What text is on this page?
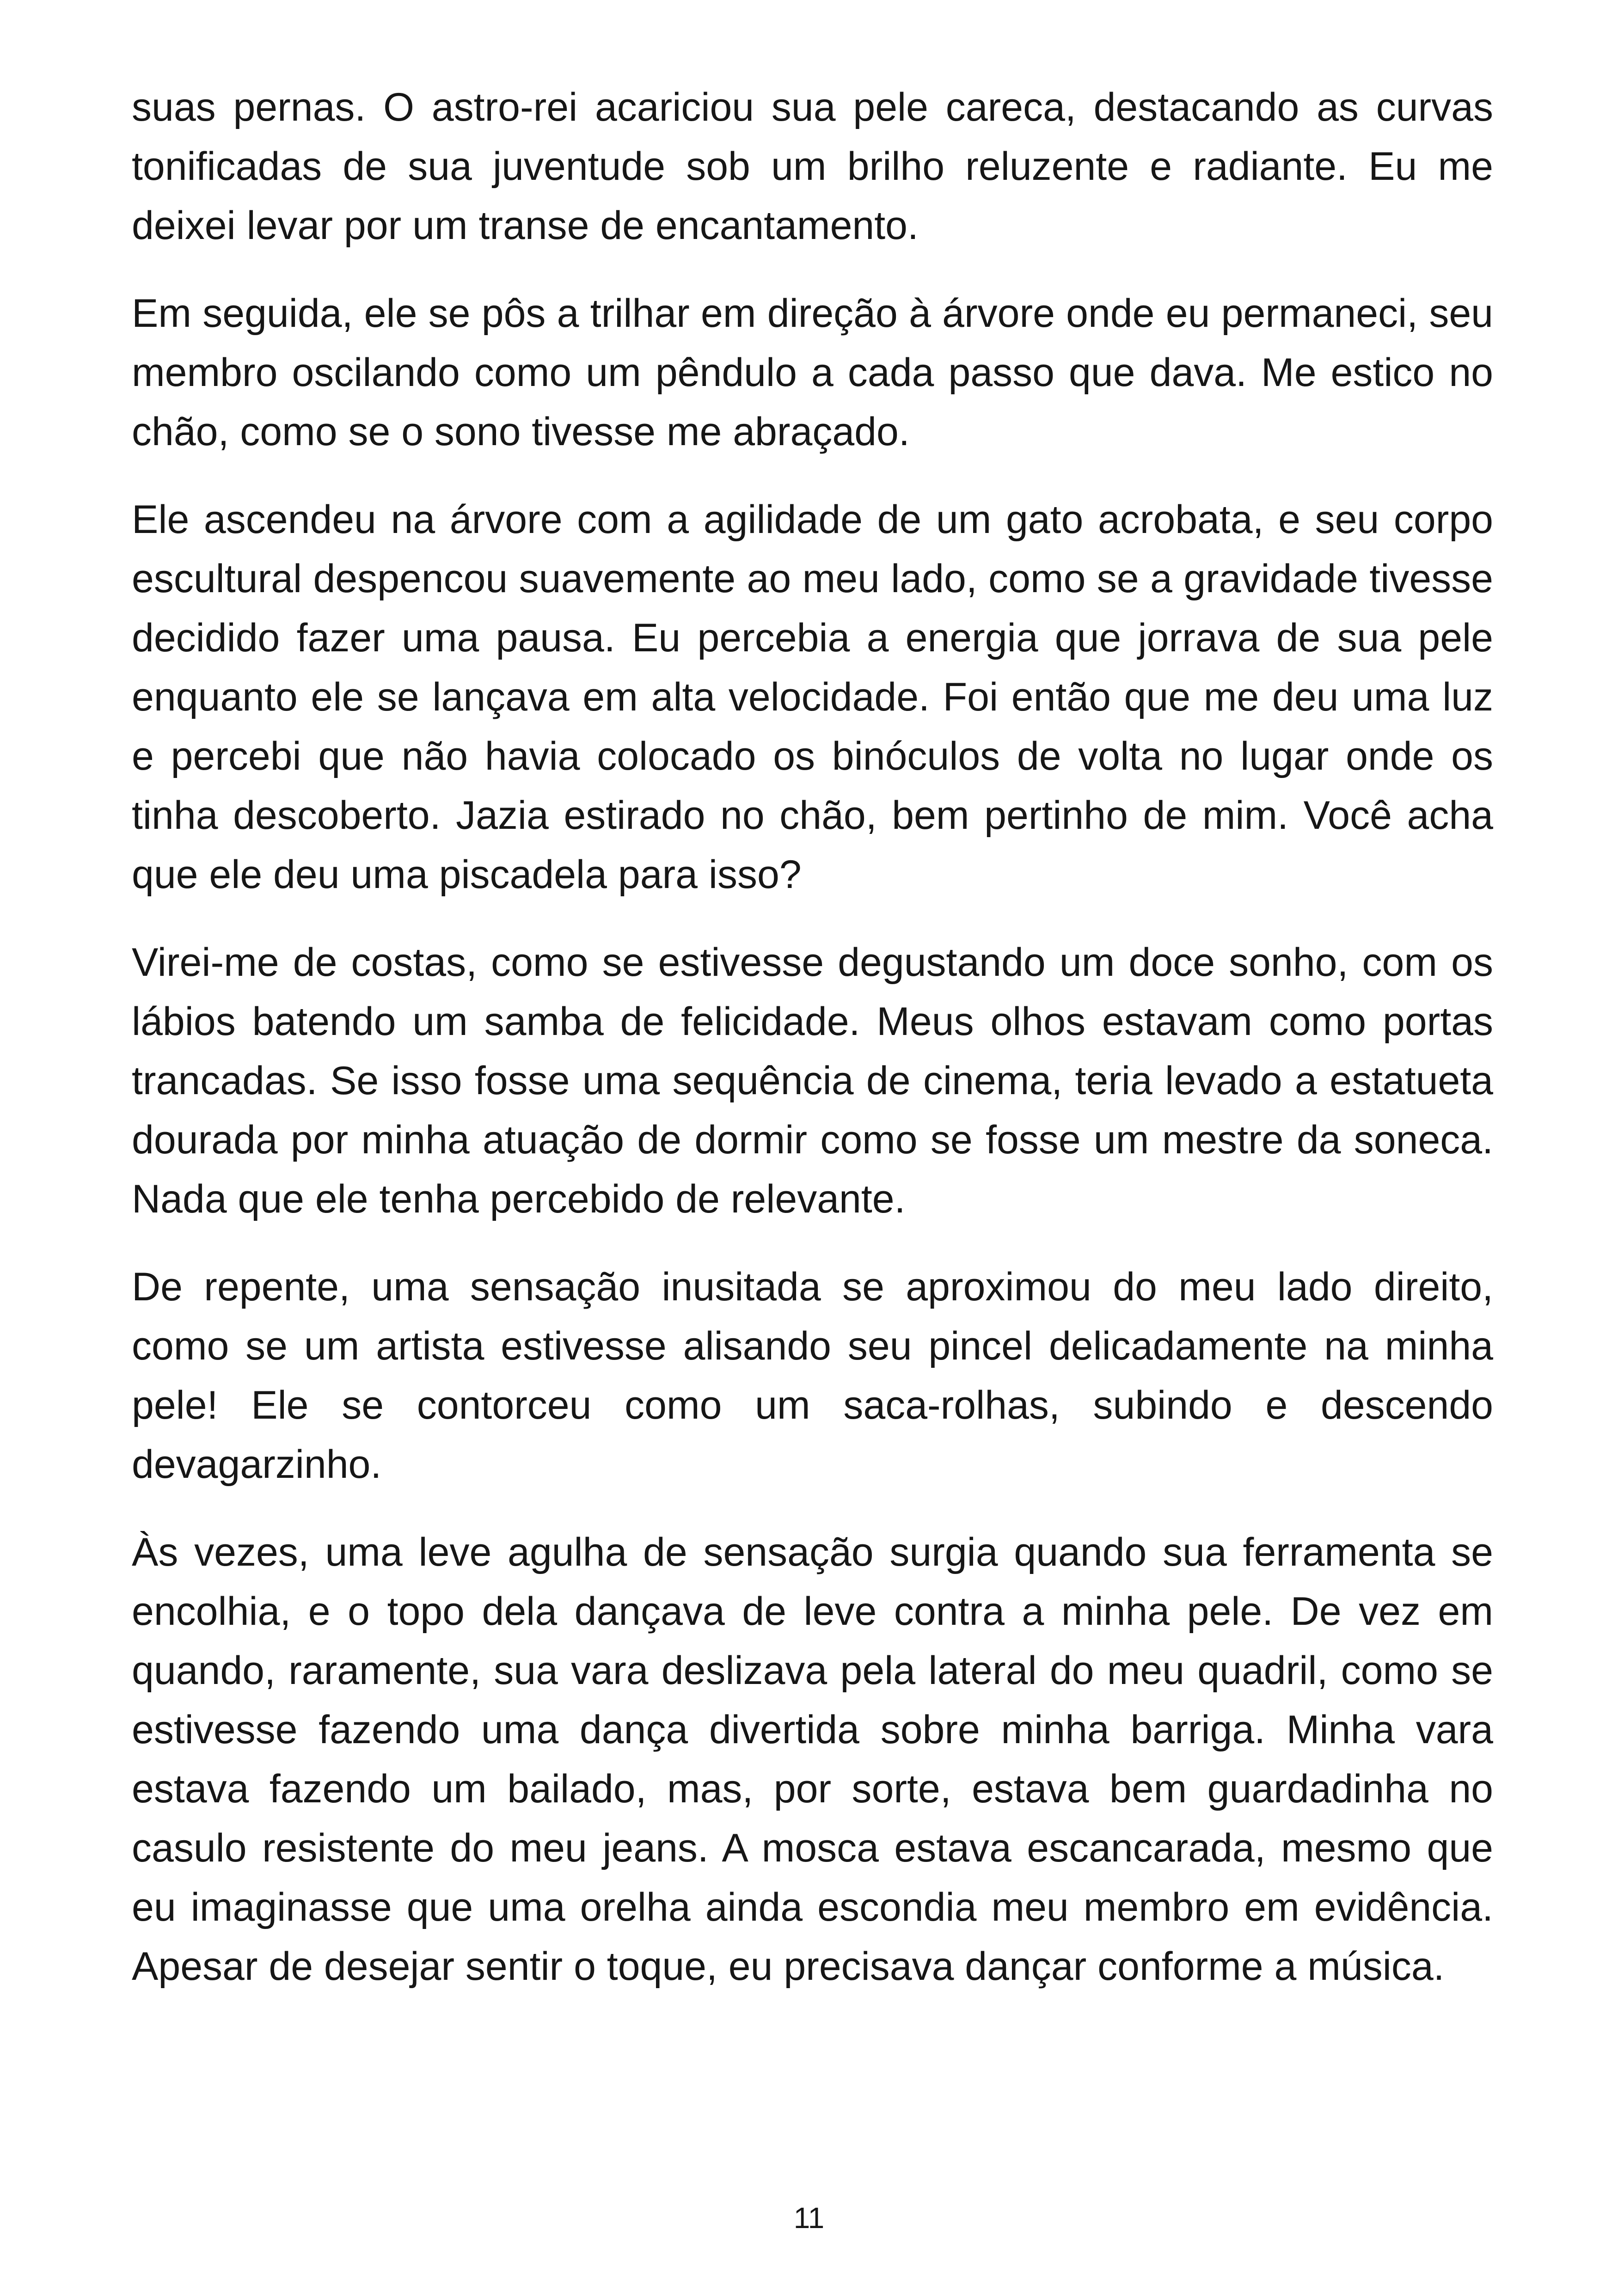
suas pernas. O astro-rei acariciou sua pele careca, destacando as curvas tonificadas de sua juventude sob um brilho reluzente e radiante. Eu me deixei levar por um transe de encantamento.

Em seguida, ele se pôs a trilhar em direção à árvore onde eu permaneci, seu membro oscilando como um pêndulo a cada passo que dava. Me estico no chão, como se o sono tivesse me abraçado.

Ele ascendeu na árvore com a agilidade de um gato acrobata, e seu corpo escultural despencou suavemente ao meu lado, como se a gravidade tivesse decidido fazer uma pausa. Eu percebia a energia que jorrava de sua pele enquanto ele se lançava em alta velocidade. Foi então que me deu uma luz e percebi que não havia colocado os binóculos de volta no lugar onde os tinha descoberto. Jazia estirado no chão, bem pertinho de mim. Você acha que ele deu uma piscadela para isso?

Virei-me de costas, como se estivesse degustando um doce sonho, com os lábios batendo um samba de felicidade. Meus olhos estavam como portas trancadas. Se isso fosse uma sequência de cinema, teria levado a estatueta dourada por minha atuação de dormir como se fosse um mestre da soneca. Nada que ele tenha percebido de relevante.

De repente, uma sensação inusitada se aproximou do meu lado direito, como se um artista estivesse alisando seu pincel delicadamente na minha pele! Ele se contorceu como um saca-rolhas, subindo e descendo devagarzinho.

Às vezes, uma leve agulha de sensação surgia quando sua ferramenta se encolhia, e o topo dela dançava de leve contra a minha pele. De vez em quando, raramente, sua vara deslizava pela lateral do meu quadril, como se estivesse fazendo uma dança divertida sobre minha barriga. Minha vara estava fazendo um bailado, mas, por sorte, estava bem guardadinha no casulo resistente do meu jeans. A mosca estava escancarada, mesmo que eu imaginasse que uma orelha ainda escondia meu membro em evidência. Apesar de desejar sentir o toque, eu precisava dançar conforme a música.

11
